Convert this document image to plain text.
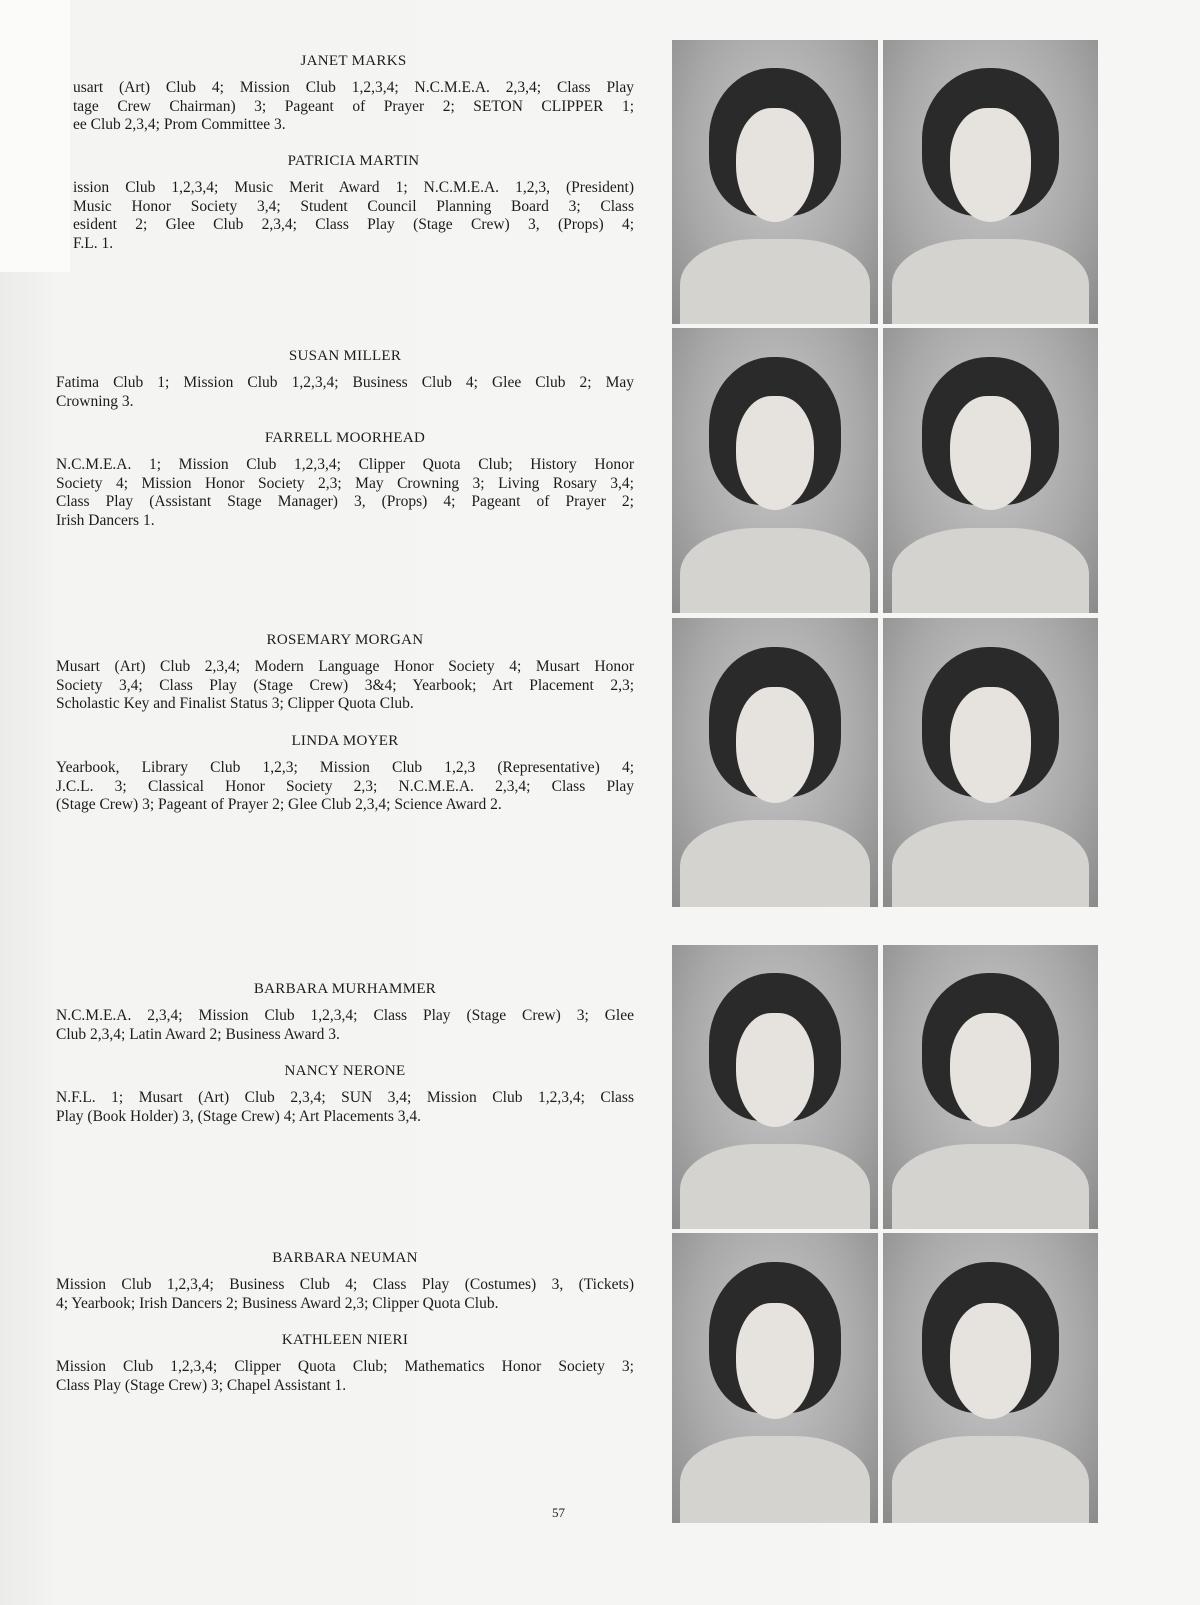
JANET MARKS
usart (Art) Club 4; Mission Club 1,2,3,4; N.C.M.E.A. 2,3,4; Class Play
tage Crew Chairman) 3; Pageant of Prayer 2; SETON CLIPPER 1;
ee Club 2,3,4; Prom Committee 3.
PATRICIA MARTIN
ission Club 1,2,3,4; Music Merit Award 1; N.C.M.E.A. 1,2,3, (President)
Music Honor Society 3,4; Student Council Planning Board 3; Class
esident 2; Glee Club 2,3,4; Class Play (Stage Crew) 3, (Props) 4;
F.L. 1.
SUSAN MILLER
Fatima Club 1; Mission Club 1,2,3,4; Business Club 4; Glee Club 2; May
Crowning 3.
FARRELL MOORHEAD
N.C.M.E.A. 1; Mission Club 1,2,3,4; Clipper Quota Club; History Honor
Society 4; Mission Honor Society 2,3; May Crowning 3; Living Rosary 3,4;
Class Play (Assistant Stage Manager) 3, (Props) 4; Pageant of Prayer 2;
Irish Dancers 1.
ROSEMARY MORGAN
Musart (Art) Club 2,3,4; Modern Language Honor Society 4; Musart Honor
Society 3,4; Class Play (Stage Crew) 3&4; Yearbook; Art Placement 2,3;
Scholastic Key and Finalist Status 3; Clipper Quota Club.
LINDA MOYER
Yearbook, Library Club 1,2,3; Mission Club 1,2,3 (Representative) 4;
J.C.L. 3; Classical Honor Society 2,3; N.C.M.E.A. 2,3,4; Class Play
(Stage Crew) 3; Pageant of Prayer 2; Glee Club 2,3,4; Science Award 2.
BARBARA MURHAMMER
N.C.M.E.A. 2,3,4; Mission Club 1,2,3,4; Class Play (Stage Crew) 3; Glee
Club 2,3,4; Latin Award 2; Business Award 3.
NANCY NERONE
N.F.L. 1; Musart (Art) Club 2,3,4; SUN 3,4; Mission Club 1,2,3,4; Class
Play (Book Holder) 3, (Stage Crew) 4; Art Placements 3,4.
BARBARA NEUMAN
Mission Club 1,2,3,4; Business Club 4; Class Play (Costumes) 3, (Tickets)
4; Yearbook; Irish Dancers 2; Business Award 2,3; Clipper Quota Club.
KATHLEEN NIERI
Mission Club 1,2,3,4; Clipper Quota Club; Mathematics Honor Society 3;
Class Play (Stage Crew) 3; Chapel Assistant 1.
57
